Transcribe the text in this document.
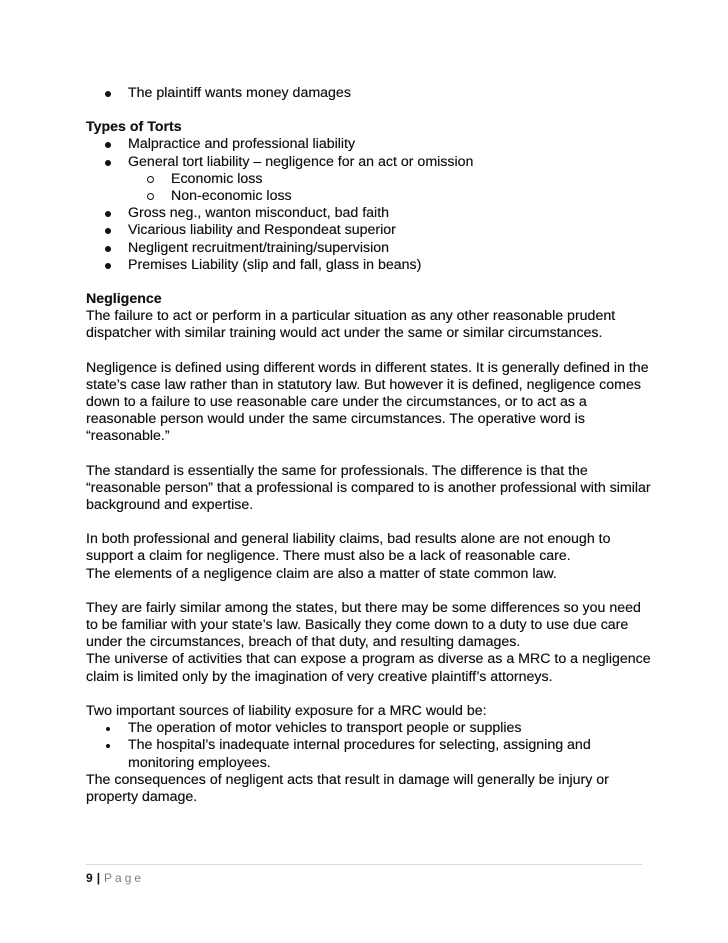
The plaintiff wants money damages

Types of Torts

Malpractice and professional liability
General tort liability – negligence for an act or omission
Economic loss
Non-economic loss
Gross neg., wanton misconduct, bad faith
Vicarious liability and Respondeat superior
Negligent recruitment/training/supervision
Premises Liability (slip and fall, glass in beans)

Negligence

The failure to act or perform in a particular situation as any other reasonable prudent dispatcher with similar training would act under the same or similar circumstances.

Negligence is defined using different words in different states. It is generally defined in the state’s case law rather than in statutory law. But however it is defined, negligence comes down to a failure to use reasonable care under the circumstances, or to act as a reasonable person would under the same circumstances. The operative word is “reasonable.”

The standard is essentially the same for professionals. The difference is that the “reasonable person” that a professional is compared to is another professional with similar background and expertise.

In both professional and general liability claims, bad results alone are not enough to support a claim for negligence. There must also be a lack of reasonable care.

The elements of a negligence claim are also a matter of state common law.

They are fairly similar among the states, but there may be some differences so you need to be familiar with your state’s law. Basically they come down to a duty to use due care under the circumstances, breach of that duty, and resulting damages.

The universe of activities that can expose a program as diverse as a MRC to a negligence claim is limited only by the imagination of very creative plaintiff’s attorneys.

Two important sources of liability exposure for a MRC would be:

The operation of motor vehicles to transport people or supplies
The hospital’s inadequate internal procedures for selecting, assigning and monitoring employees.

The consequences of negligent acts that result in damage will generally be injury or property damage.

9 | Page
